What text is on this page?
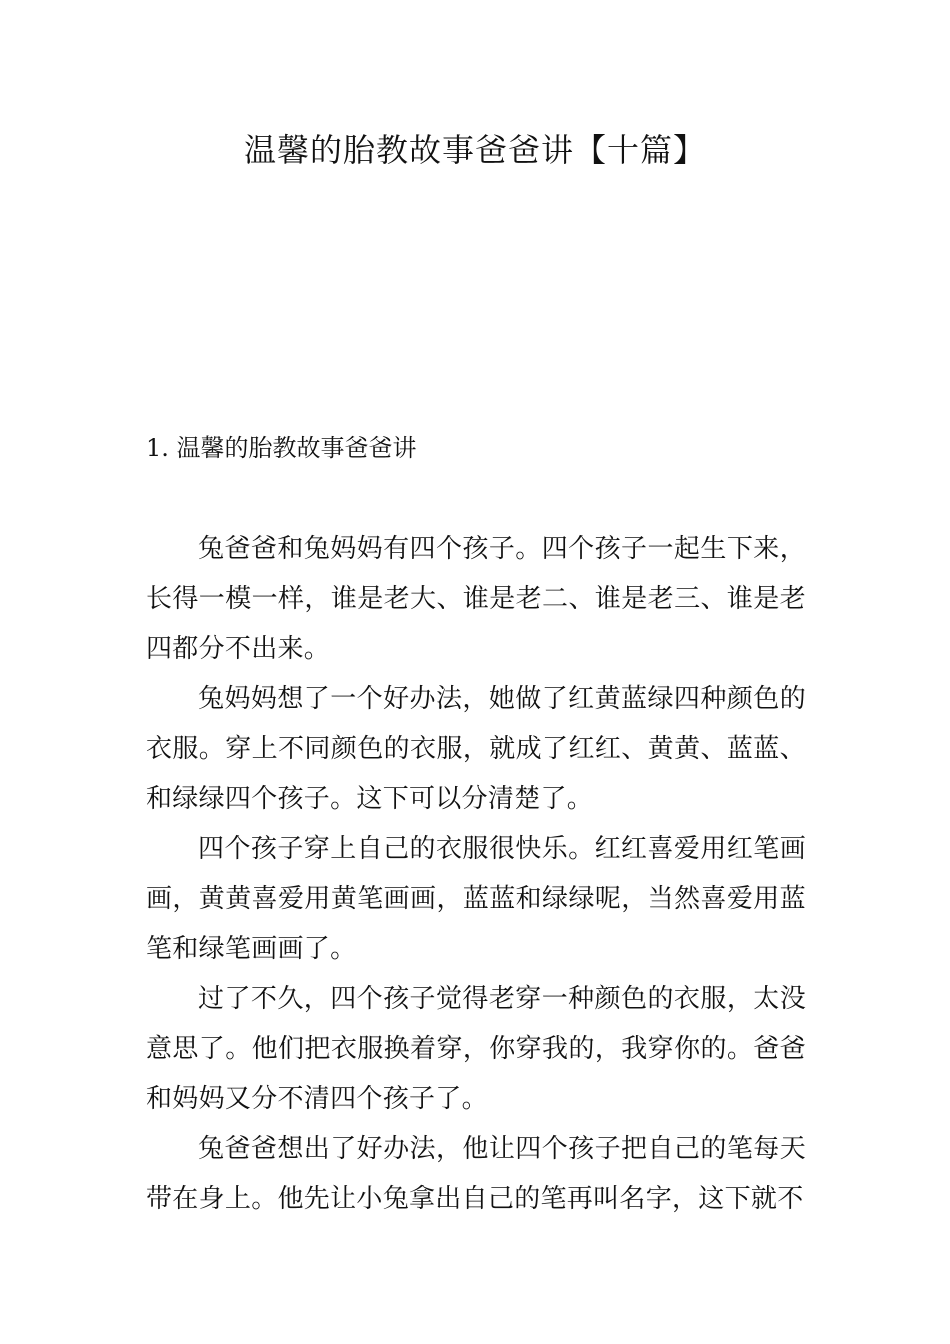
温馨的胎教故事爸爸讲【十篇】
1. 温馨的胎教故事爸爸讲

兔爸爸和兔妈妈有四个孩子。四个孩子一起生下来，长得一模一样，谁是老大、谁是老二、谁是老三、谁是老四都分不出来。

兔妈妈想了一个好办法，她做了红黄蓝绿四种颜色的衣服。穿上不同颜色的衣服，就成了红红、黄黄、蓝蓝、和绿绿四个孩子。这下可以分清楚了。

四个孩子穿上自己的衣服很快乐。红红喜爱用红笔画画，黄黄喜爱用黄笔画画，蓝蓝和绿绿呢，当然喜爱用蓝笔和绿笔画画了。

过了不久，四个孩子觉得老穿一种颜色的衣服，太没意思了。他们把衣服换着穿，你穿我的，我穿你的。爸爸和妈妈又分不清四个孩子了。

兔爸爸想出了好办法，他让四个孩子把自己的笔每天带在身上。他先让小兔拿出自己的笔再叫名字，这下就不
